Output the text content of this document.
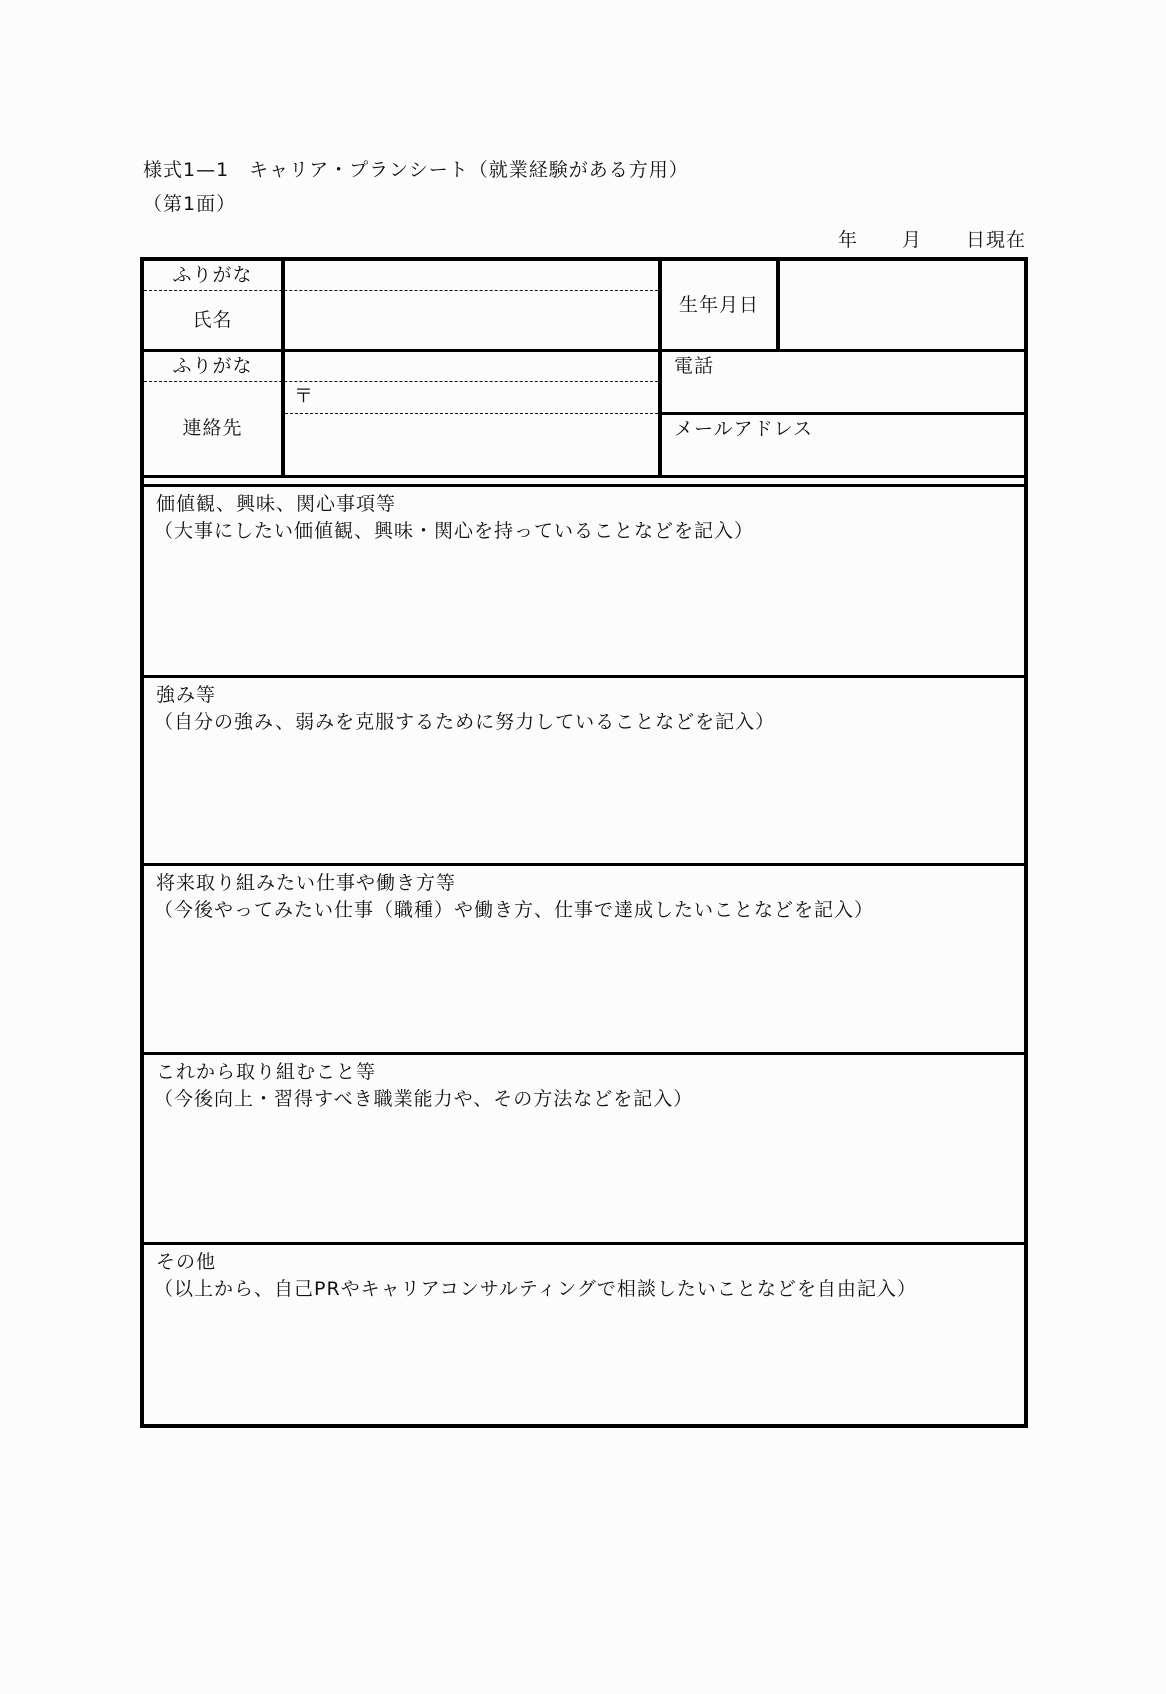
様式1—1　キャリア・プランシート（就業経験がある方用）
（第1面）
年 月 日現在
ふりがな
氏名
生年月日
ふりがな
連絡先
〒
電話
メールアドレス
価値観、興味、関心事項等
（大事にしたい価値観、興味・関心を持っていることなどを記入）
強み等
（自分の強み、弱みを克服するために努力していることなどを記入）
将来取り組みたい仕事や働き方等
（今後やってみたい仕事（職種）や働き方、仕事で達成したいことなどを記入）
これから取り組むこと等
（今後向上・習得すべき職業能力や、その方法などを記入）
その他
（以上から、自己PRやキャリアコンサルティングで相談したいことなどを自由記入）
